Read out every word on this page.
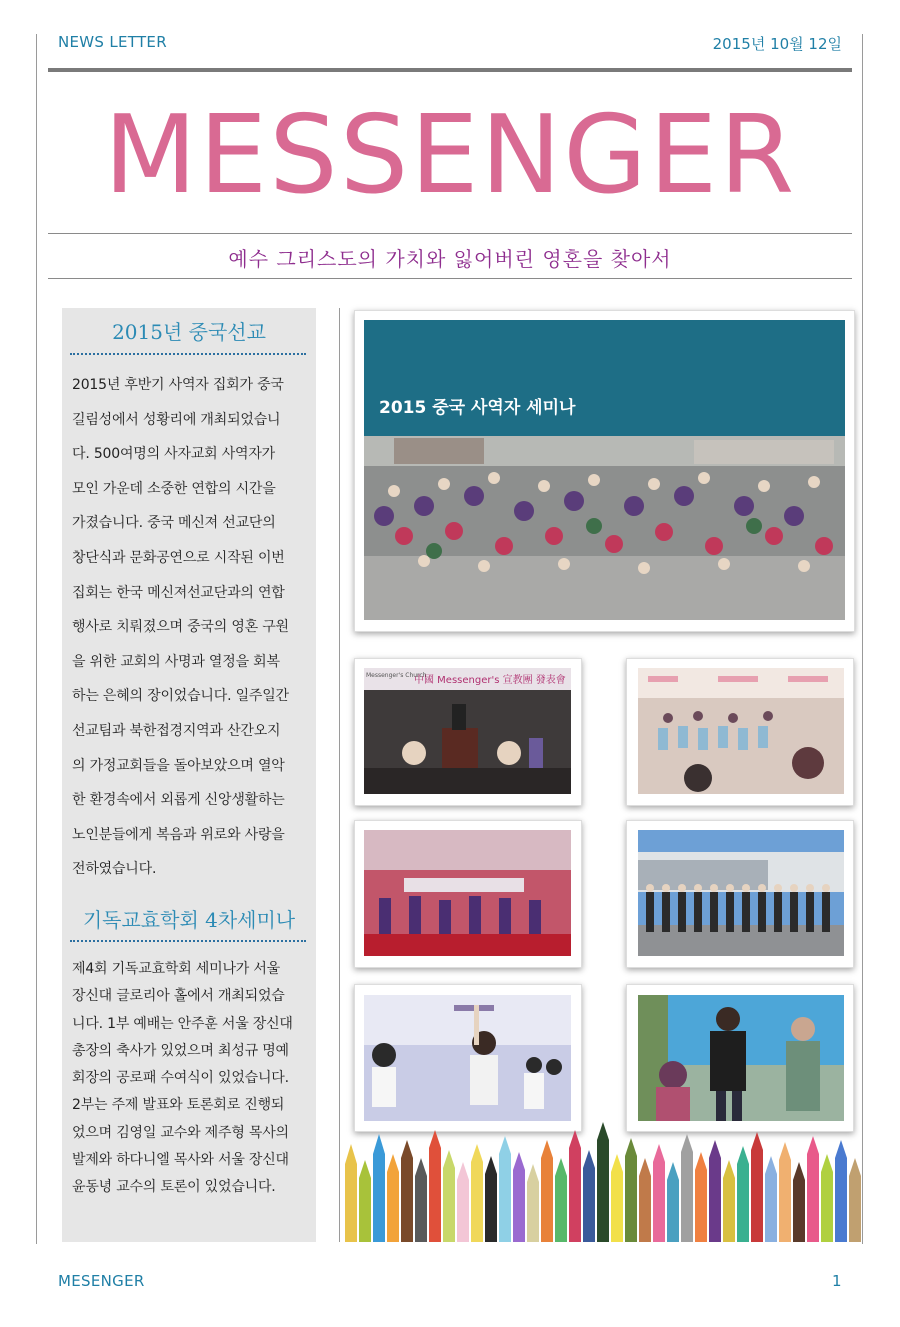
NEWS LETTER	2015년 10월 12일
MESSENGER
예수 그리스도의 가치와 잃어버린 영혼을 찾아서
2015년 중국선교
2015년 후반기 사역자 집회가 중국
길림성에서 성황리에 개최되었습니
다. 500여명의 사자교회 사역자가
모인 가운데 소중한 연합의 시간을
가졌습니다. 중국 메신져 선교단의
창단식과 문화공연으로 시작된 이번
집회는 한국 메신져선교단과의 연합
행사로 치뤄졌으며 중국의 영혼 구원
을 위한 교회의 사명과 열정을 회복
하는 은혜의 장이었습니다. 일주일간
선교팀과 북한접경지역과 산간오지
의 가정교회들을 돌아보았으며 열악
한 환경속에서 외롭게 신앙생활하는
노인분들에게 복음과 위로와 사랑을
전하였습니다.
기독교효학회 4차세미나
제4회 기독교효학회 세미나가 서울
장신대 글로리아 홀에서 개최되었습
니다. 1부 예배는 안주훈 서울 장신대
총장의 축사가 있었으며 최성규 명예
회장의 공로패 수여식이 있었습니다.
2부는 주제 발표와 토론회로 진행되
었으며 김영일 교수와 제주형 목사의
발제와 하다니엘 목사와 서울 장신대
윤동녕 교수의 토론이 있었습니다.
2015 중국 사역자 세미나
中國 Messenger's 宣教團 發表會
Messenger's Church
MESENGER	1
